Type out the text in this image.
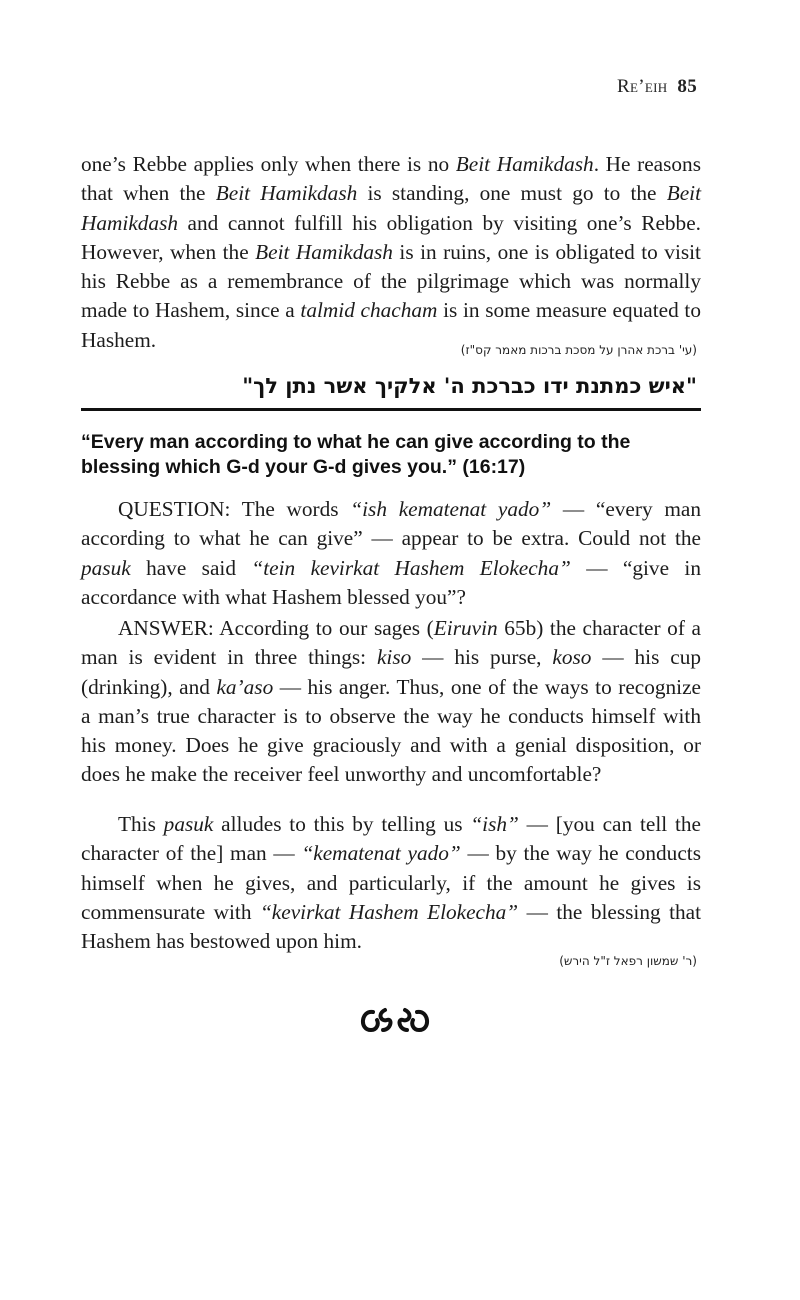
Re’eih 85

one’s Rebbe applies only when there is no Beit Hamikdash. He reasons that when the Beit Hamikdash is standing, one must go to the Beit Hamikdash and cannot fulfill his obligation by visiting one’s Rebbe. However, when the Beit Hamikdash is in ruins, one is obligated to visit his Rebbe as a remembrance of the pilgrimage which was normally made to Hashem, since a talmid chacham is in some measure equated to Hashem.	(עי' ברכת אהרן על מסכת ברכות מאמר קס"ז)
"איש כמתנת ידו כברכת ה' אלקיך אשר נתן לך"
“Every man according to what he can give according to the blessing which G-d your G-d gives you.” (16:17)

QUESTION: The words “ish kematenat yado” — “every man according to what he can give” — appear to be extra. Could not the pasuk have said “tein kevirkat Hashem Elokecha” — “give in accordance with what Hashem blessed you”?

ANSWER: According to our sages (Eiruvin 65b) the character of a man is evident in three things: kiso — his purse, koso — his cup (drinking), and ka’aso — his anger. Thus, one of the ways to recognize a man’s true character is to observe the way he conducts himself with his money. Does he give graciously and with a genial disposition, or does he make the receiver feel unworthy and uncomfortable?

This pasuk alludes to this by telling us “ish” — [you can tell the character of the] man — “kematenat yado” — by the way he conducts himself when he gives, and particularly, if the amount he gives is commensurate with “kevirkat Hashem Elokecha” — the blessing that Hashem has bestowed upon him.

(ר' שמשון רפאל ז"ל הירש)
